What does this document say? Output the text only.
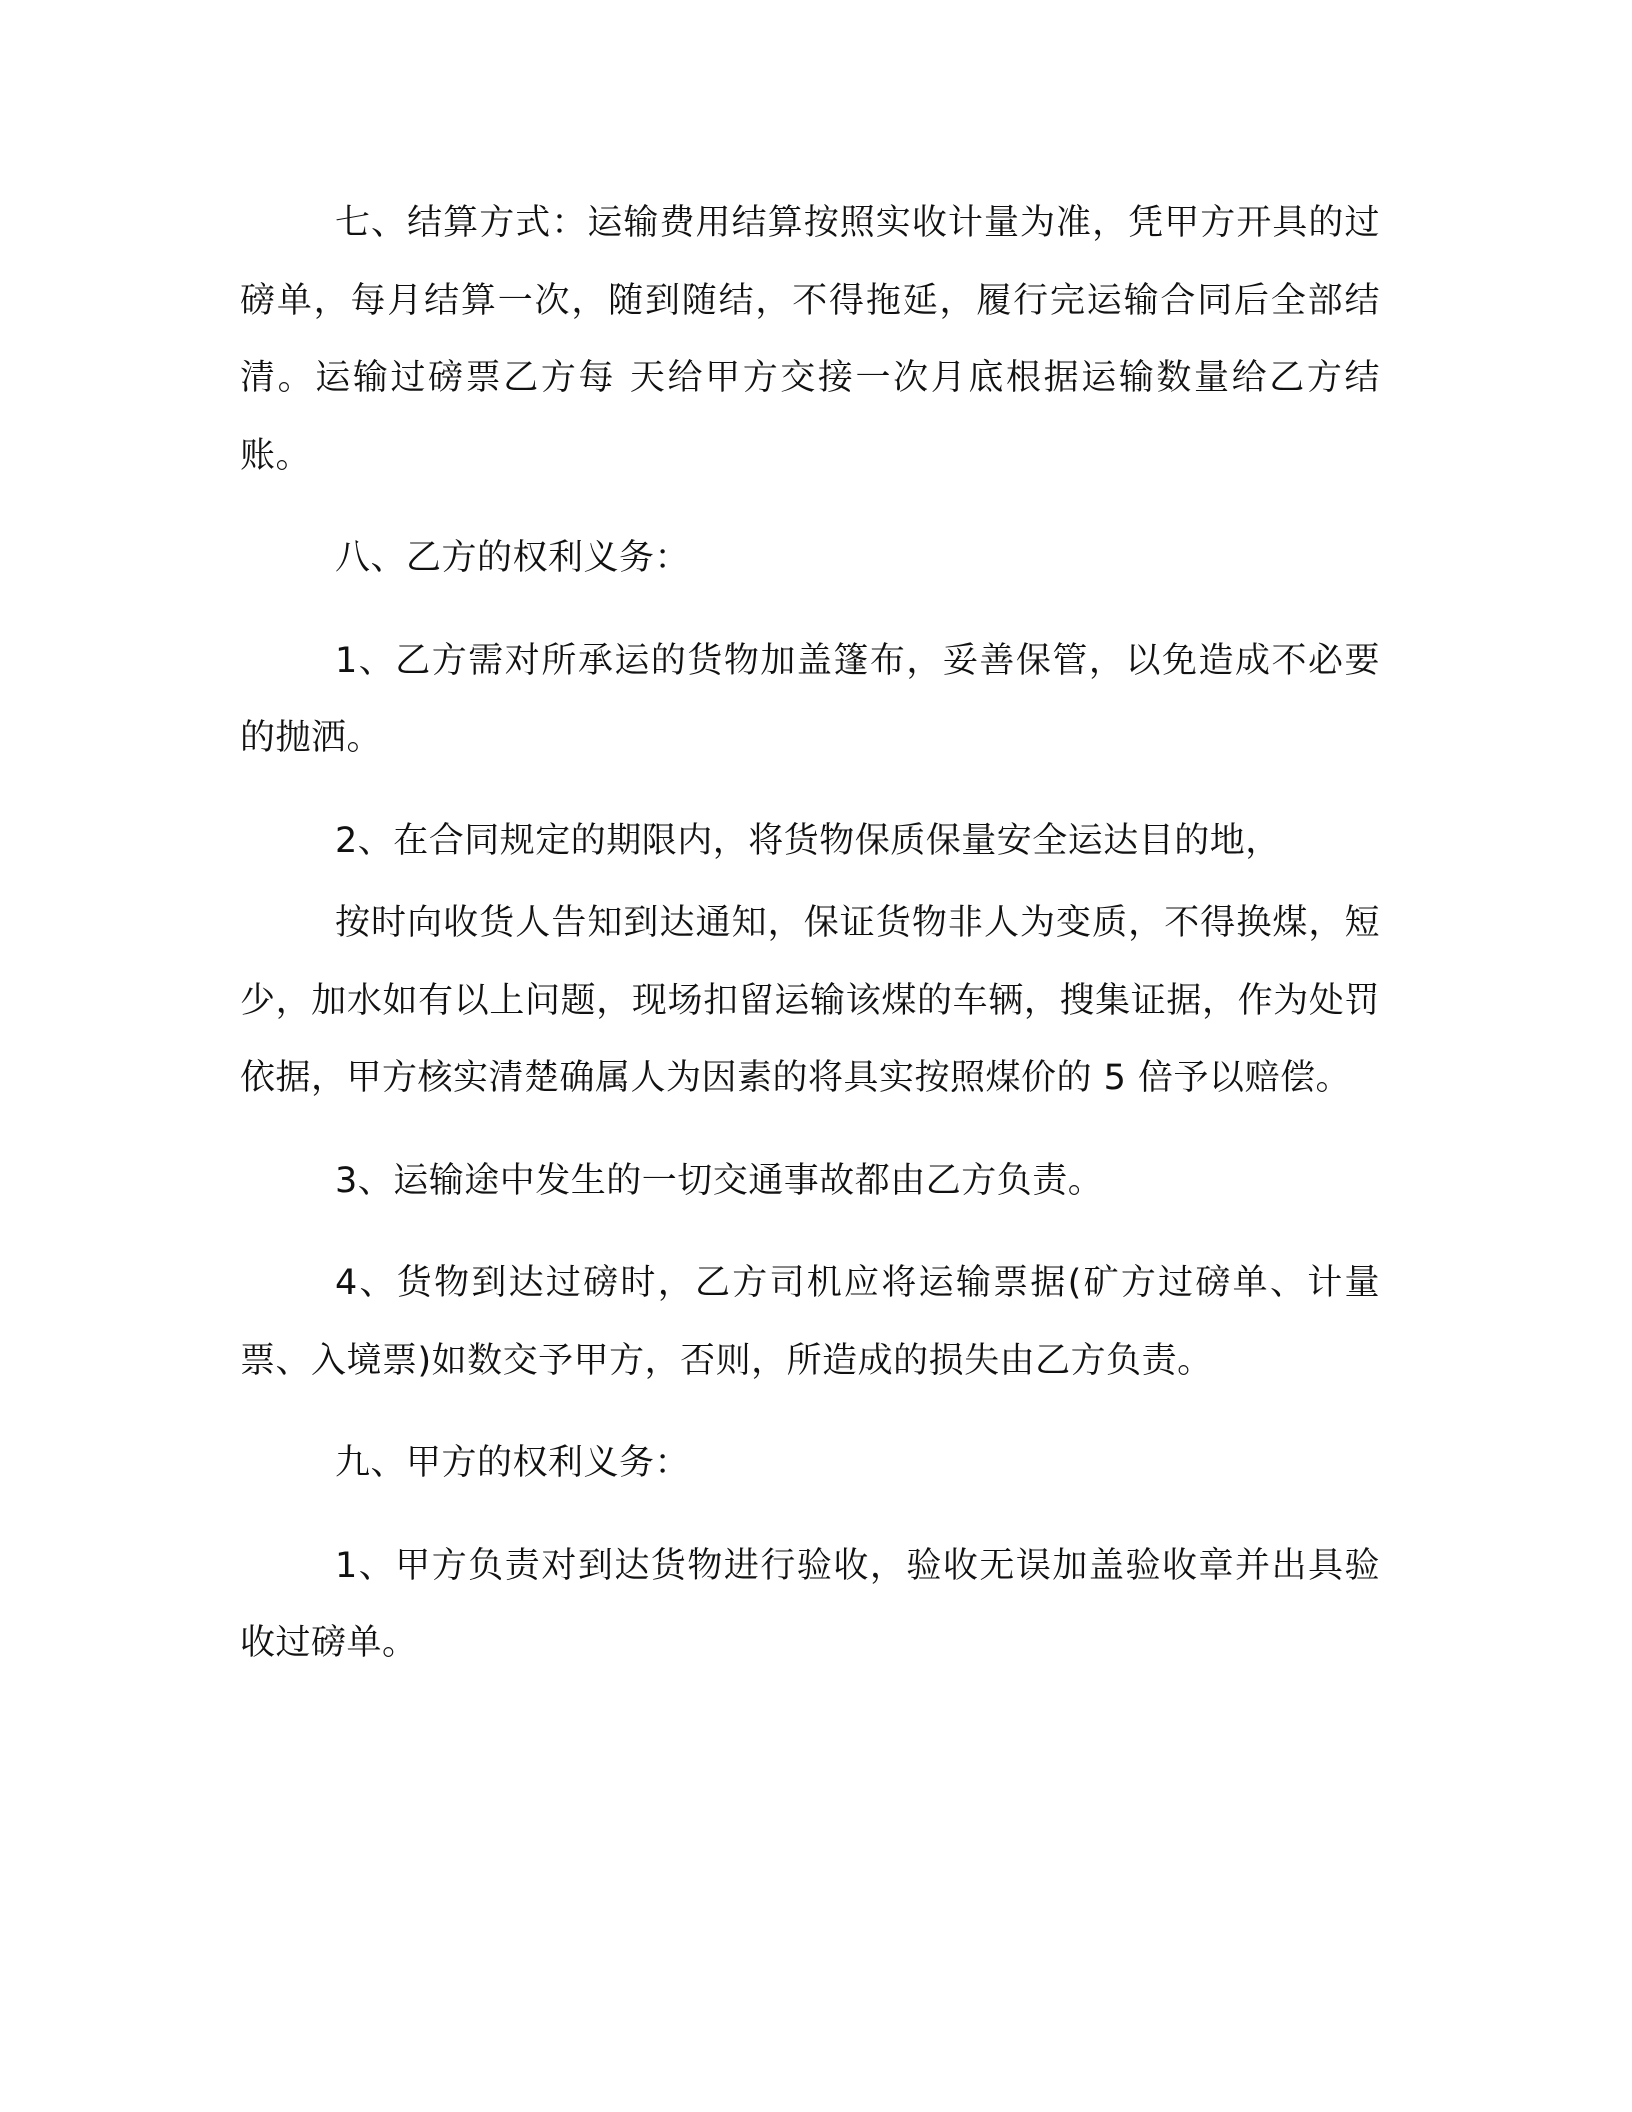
七、结算方式：运输费用结算按照实收计量为准，凭甲方开具的过磅单，每月结算一次，随到随结，不得拖延，履行完运输合同后全部结清。运输过磅票乙方每 天给甲方交接一次月底根据运输数量给乙方结账。

八、乙方的权利义务：

1、乙方需对所承运的货物加盖篷布，妥善保管，以免造成不必要的抛洒。

2、在合同规定的期限内，将货物保质保量安全运达目的地，

按时向收货人告知到达通知，保证货物非人为变质，不得换煤，短少，加水如有以上问题，现场扣留运输该煤的车辆，搜集证据，作为处罚依据，甲方核实清楚确属人为因素的将具实按照煤价的 5 倍予以赔偿。

3、运输途中发生的一切交通事故都由乙方负责。

4、货物到达过磅时，乙方司机应将运输票据(矿方过磅单、计量票、入境票)如数交予甲方，否则，所造成的损失由乙方负责。

九、甲方的权利义务：

1、甲方负责对到达货物进行验收，验收无误加盖验收章并出具验收过磅单。
